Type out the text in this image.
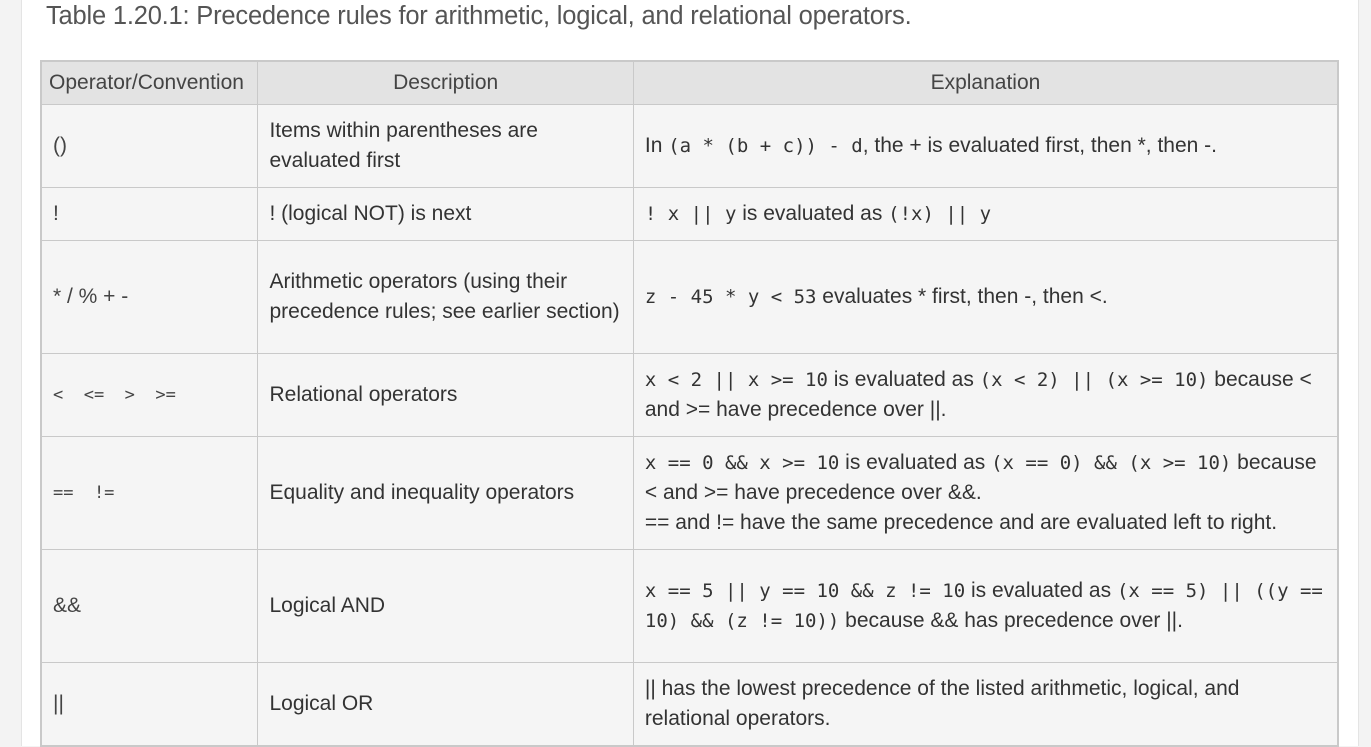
Table 1.20.1: Precedence rules for arithmetic, logical, and relational operators.
Operator/Convention	Description	Explanation
()	Items within parentheses are evaluated first	In (a * (b + c)) - d, the + is evaluated first, then *, then -.
!	! (logical NOT) is next	! x || y is evaluated as (!x) || y
* / % + -	Arithmetic operators (using their precedence rules; see earlier section)	z - 45 * y < 53 evaluates * first, then -, then <.
<  <=  >  >=	Relational operators	x < 2 || x >= 10 is evaluated as (x < 2) || (x >= 10) because < and >= have precedence over ||.
==  !=	Equality and inequality operators	x == 0 && x >= 10 is evaluated as (x == 0) && (x >= 10) because < and >= have precedence over &&.
== and != have the same precedence and are evaluated left to right.

&&	Logical AND	x == 5 || y == 10 && z != 10 is evaluated as (x == 5) || ((y == 10) && (z != 10)) because && has precedence over ||.
||	Logical OR	|| has the lowest precedence of the listed arithmetic, logical, and relational operators.
